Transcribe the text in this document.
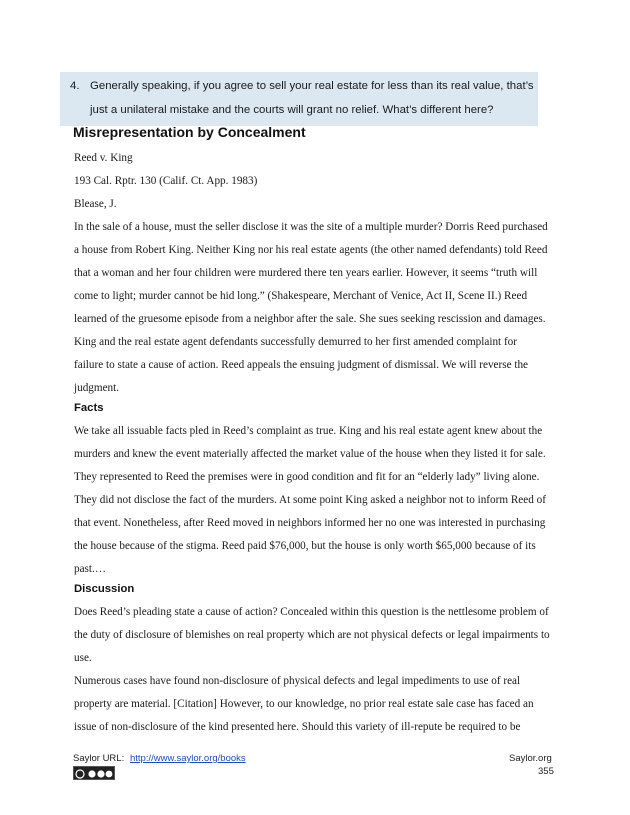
4. Generally speaking, if you agree to sell your real estate for less than its real value, that’s
just a unilateral mistake and the courts will grant no relief. What’s different here?
Misrepresentation by Concealment
Reed v. King
193 Cal. Rptr. 130 (Calif. Ct. App. 1983)
Blease, J.
In the sale of a house, must the seller disclose it was the site of a multiple murder? Dorris Reed purchased
a house from Robert King. Neither King nor his real estate agents (the other named defendants) told Reed
that a woman and her four children were murdered there ten years earlier. However, it seems “truth will
come to light; murder cannot be hid long.” (Shakespeare, Merchant of Venice, Act II, Scene II.) Reed
learned of the gruesome episode from a neighbor after the sale. She sues seeking rescission and damages.
King and the real estate agent defendants successfully demurred to her first amended complaint for
failure to state a cause of action. Reed appeals the ensuing judgment of dismissal. We will reverse the
judgment.
Facts
We take all issuable facts pled in Reed’s complaint as true. King and his real estate agent knew about the
murders and knew the event materially affected the market value of the house when they listed it for sale.
They represented to Reed the premises were in good condition and fit for an “elderly lady” living alone.
They did not disclose the fact of the murders. At some point King asked a neighbor not to inform Reed of
that event. Nonetheless, after Reed moved in neighbors informed her no one was interested in purchasing
the house because of the stigma. Reed paid $76,000, but the house is only worth $65,000 because of its
past.…
Discussion
Does Reed’s pleading state a cause of action? Concealed within this question is the nettlesome problem of
the duty of disclosure of blemishes on real property which are not physical defects or legal impairments to
use.
Numerous cases have found non-disclosure of physical defects and legal impediments to use of real
property are material. [Citation] However, to our knowledge, no prior real estate sale case has faced an
issue of non-disclosure of the kind presented here. Should this variety of ill-repute be required to be
Saylor URL: http://www.saylor.org/books	Saylor.org
355
